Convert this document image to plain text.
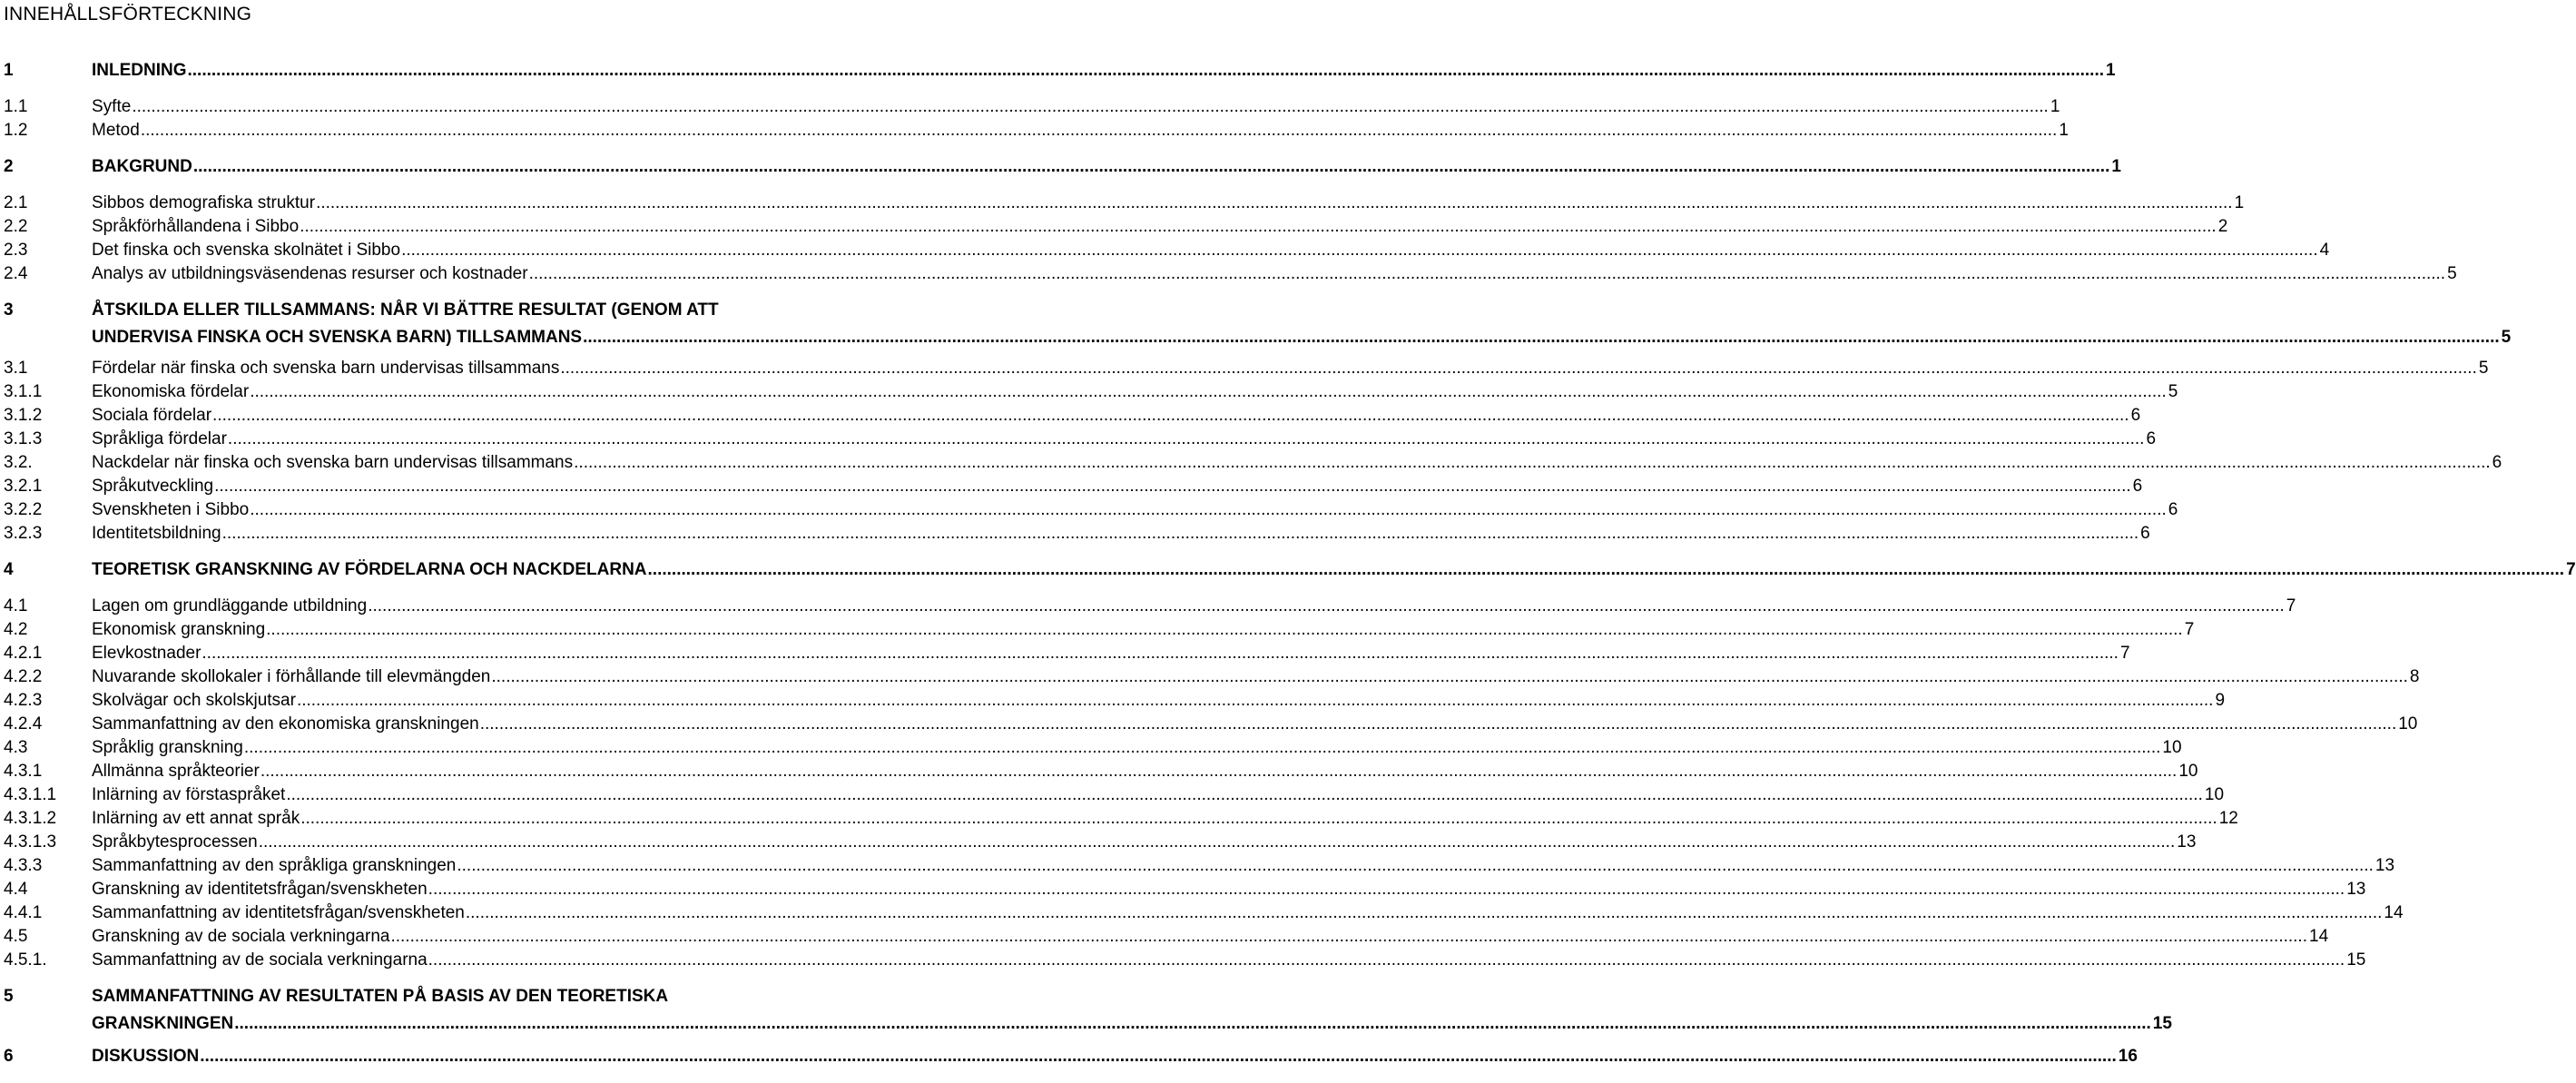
INNEHÅLLSFÖRTECKNING
1	INLEDNING ................................................................................................................................................................................................................................................................................................................................................................................................................ 1
1.1	Syfte ................................................................................................................................................................................................................................................................................................................................................................................................................ 1
1.2	Metod ................................................................................................................................................................................................................................................................................................................................................................................................................ 1
2	BAKGRUND ................................................................................................................................................................................................................................................................................................................................................................................................................ 1
2.1	Sibbos demografiska struktur ................................................................................................................................................................................................................................................................................................................................................................................................................ 1
2.2	Språkförhållandena i Sibbo ................................................................................................................................................................................................................................................................................................................................................................................................................ 2
2.3	Det finska och svenska skolnätet i Sibbo ................................................................................................................................................................................................................................................................................................................................................................................................................ 4
2.4	Analys av utbildningsväsendenas resurser och kostnader ................................................................................................................................................................................................................................................................................................................................................................................................................ 5
3	ÅTSKILDA ELLER TILLSAMMANS: NÅR VI BÄTTRE RESULTAT (GENOM ATT
UNDERVISA FINSKA OCH SVENSKA BARN) TILLSAMMANS ................................................................................................................................................................................................................................................................................................................................................................................................................ 5
3.1	Fördelar när finska och svenska barn undervisas tillsammans ................................................................................................................................................................................................................................................................................................................................................................................................................ 5
3.1.1	Ekonomiska fördelar ................................................................................................................................................................................................................................................................................................................................................................................................................ 5
3.1.2	Sociala fördelar ................................................................................................................................................................................................................................................................................................................................................................................................................ 6
3.1.3	Språkliga fördelar ................................................................................................................................................................................................................................................................................................................................................................................................................ 6
3.2.	Nackdelar när finska och svenska barn undervisas tillsammans ................................................................................................................................................................................................................................................................................................................................................................................................................ 6
3.2.1	Språkutveckling ................................................................................................................................................................................................................................................................................................................................................................................................................ 6
3.2.2	Svenskheten i Sibbo ................................................................................................................................................................................................................................................................................................................................................................................................................ 6
3.2.3	Identitetsbildning ................................................................................................................................................................................................................................................................................................................................................................................................................ 6
4	TEORETISK GRANSKNING AV FÖRDELARNA OCH NACKDELARNA ................................................................................................................................................................................................................................................................................................................................................................................................................ 7
4.1	Lagen om grundläggande utbildning ................................................................................................................................................................................................................................................................................................................................................................................................................ 7
4.2	Ekonomisk granskning ................................................................................................................................................................................................................................................................................................................................................................................................................ 7
4.2.1	Elevkostnader ................................................................................................................................................................................................................................................................................................................................................................................................................ 7
4.2.2	Nuvarande skollokaler i förhållande till elevmängden ................................................................................................................................................................................................................................................................................................................................................................................................................ 8
4.2.3	Skolvägar och skolskjutsar ................................................................................................................................................................................................................................................................................................................................................................................................................ 9
4.2.4	Sammanfattning av den ekonomiska granskningen ................................................................................................................................................................................................................................................................................................................................................................................................................ 10
4.3	Språklig granskning ................................................................................................................................................................................................................................................................................................................................................................................................................ 10
4.3.1	Allmänna språkteorier ................................................................................................................................................................................................................................................................................................................................................................................................................ 10
4.3.1.1 Inlärning av förstaspråket ................................................................................................................................................................................................................................................................................................................................................................................................................ 10
4.3.1.2 Inlärning av ett annat språk ................................................................................................................................................................................................................................................................................................................................................................................................................ 12
4.3.1.3 Språkbytesprocessen ................................................................................................................................................................................................................................................................................................................................................................................................................ 13
4.3.3	Sammanfattning av den språkliga granskningen ................................................................................................................................................................................................................................................................................................................................................................................................................ 13
4.4	Granskning av identitetsfrågan/svenskheten ................................................................................................................................................................................................................................................................................................................................................................................................................ 13
4.4.1	Sammanfattning av identitetsfrågan/svenskheten ................................................................................................................................................................................................................................................................................................................................................................................................................ 14
4.5	Granskning av de sociala verkningarna ................................................................................................................................................................................................................................................................................................................................................................................................................ 14
4.5.1.	Sammanfattning av de sociala verkningarna ................................................................................................................................................................................................................................................................................................................................................................................................................ 15
5	SAMMANFATTNING AV RESULTATEN PÅ BASIS AV DEN TEORETISKA
GRANSKNINGEN ................................................................................................................................................................................................................................................................................................................................................................................................................ 15
6	DISKUSSION ................................................................................................................................................................................................................................................................................................................................................................................................................ 16
